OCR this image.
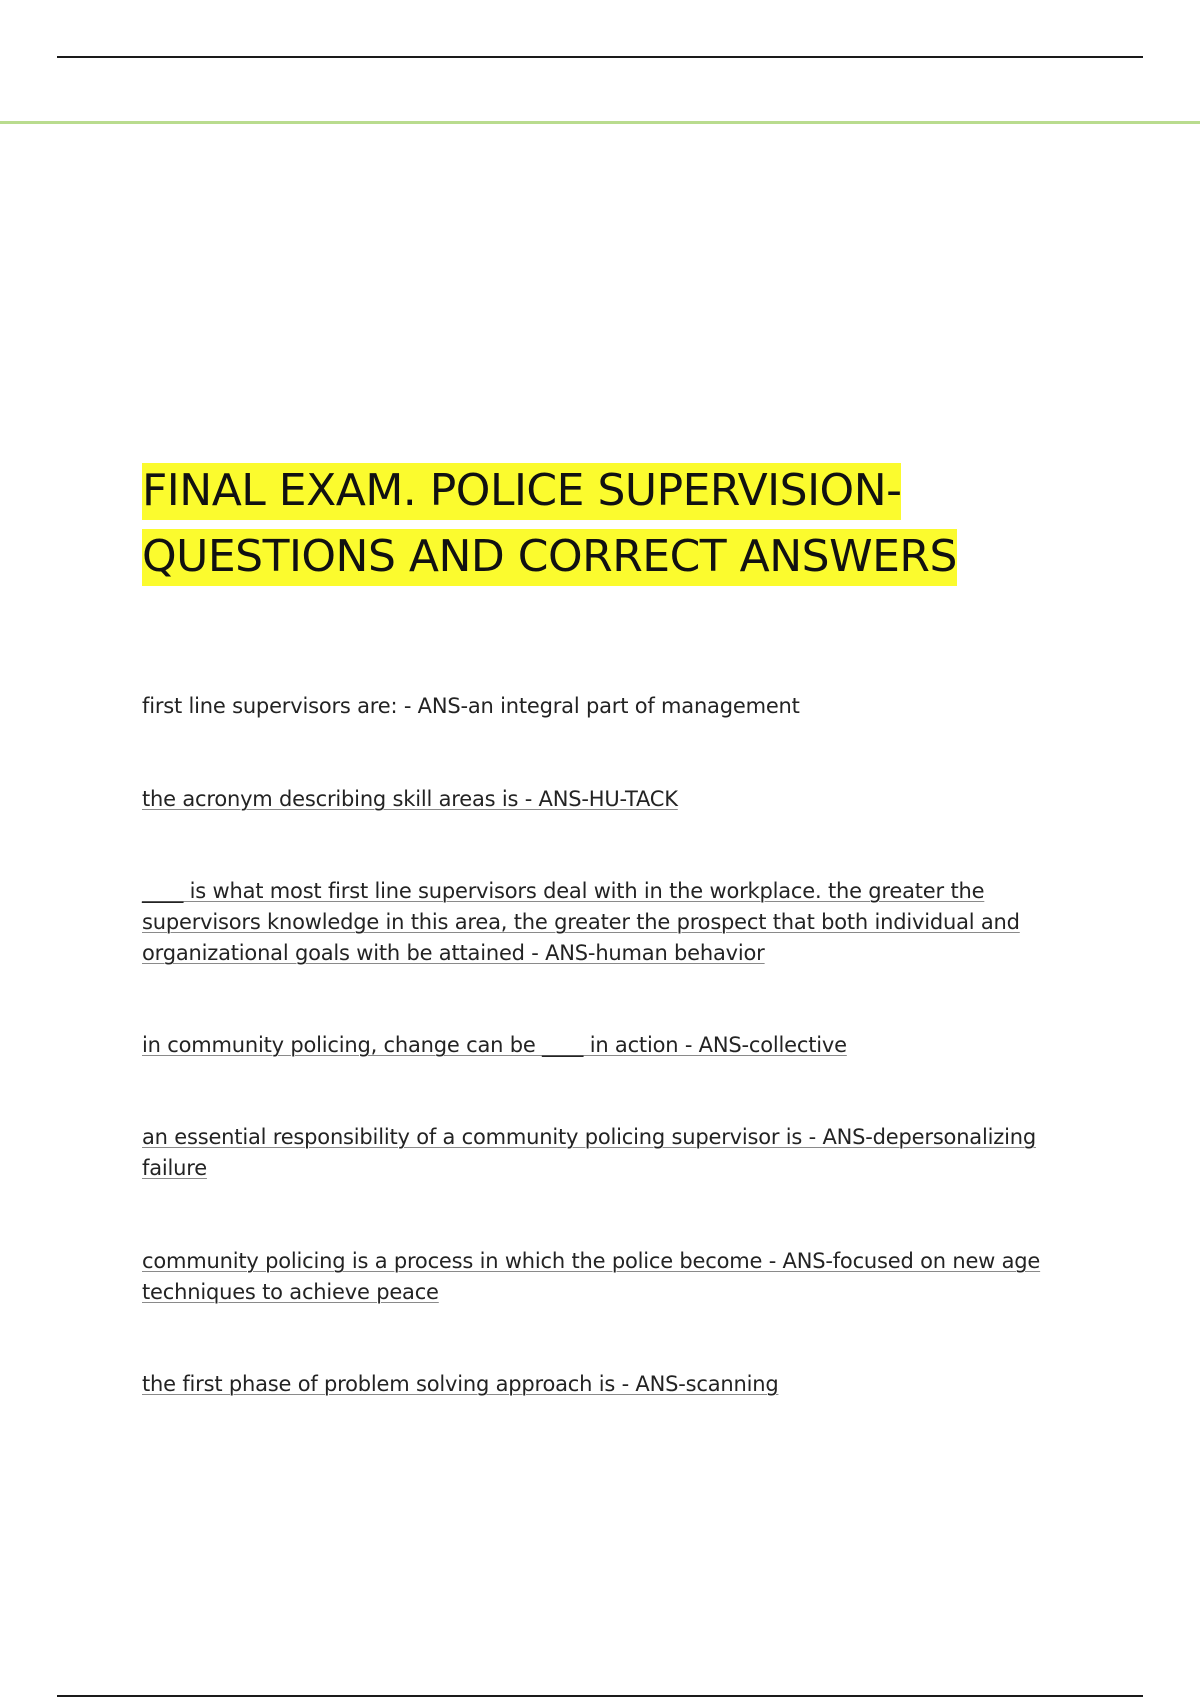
FINAL EXAM. POLICE SUPERVISION-
QUESTIONS AND CORRECT ANSWERS

first line supervisors are: - ANS-an integral part of management

the acronym describing skill areas is - ANS-HU-TACK

____ is what most first line supervisors deal with in the workplace. the greater the supervisors knowledge in this area, the greater the prospect that both individual and organizational goals with be attained - ANS-human behavior

in community policing, change can be ____ in action - ANS-collective

an essential responsibility of a community policing supervisor is - ANS-depersonalizing failure

community policing is a process in which the police become - ANS-focused on new age techniques to achieve peace

the first phase of problem solving approach is - ANS-scanning
